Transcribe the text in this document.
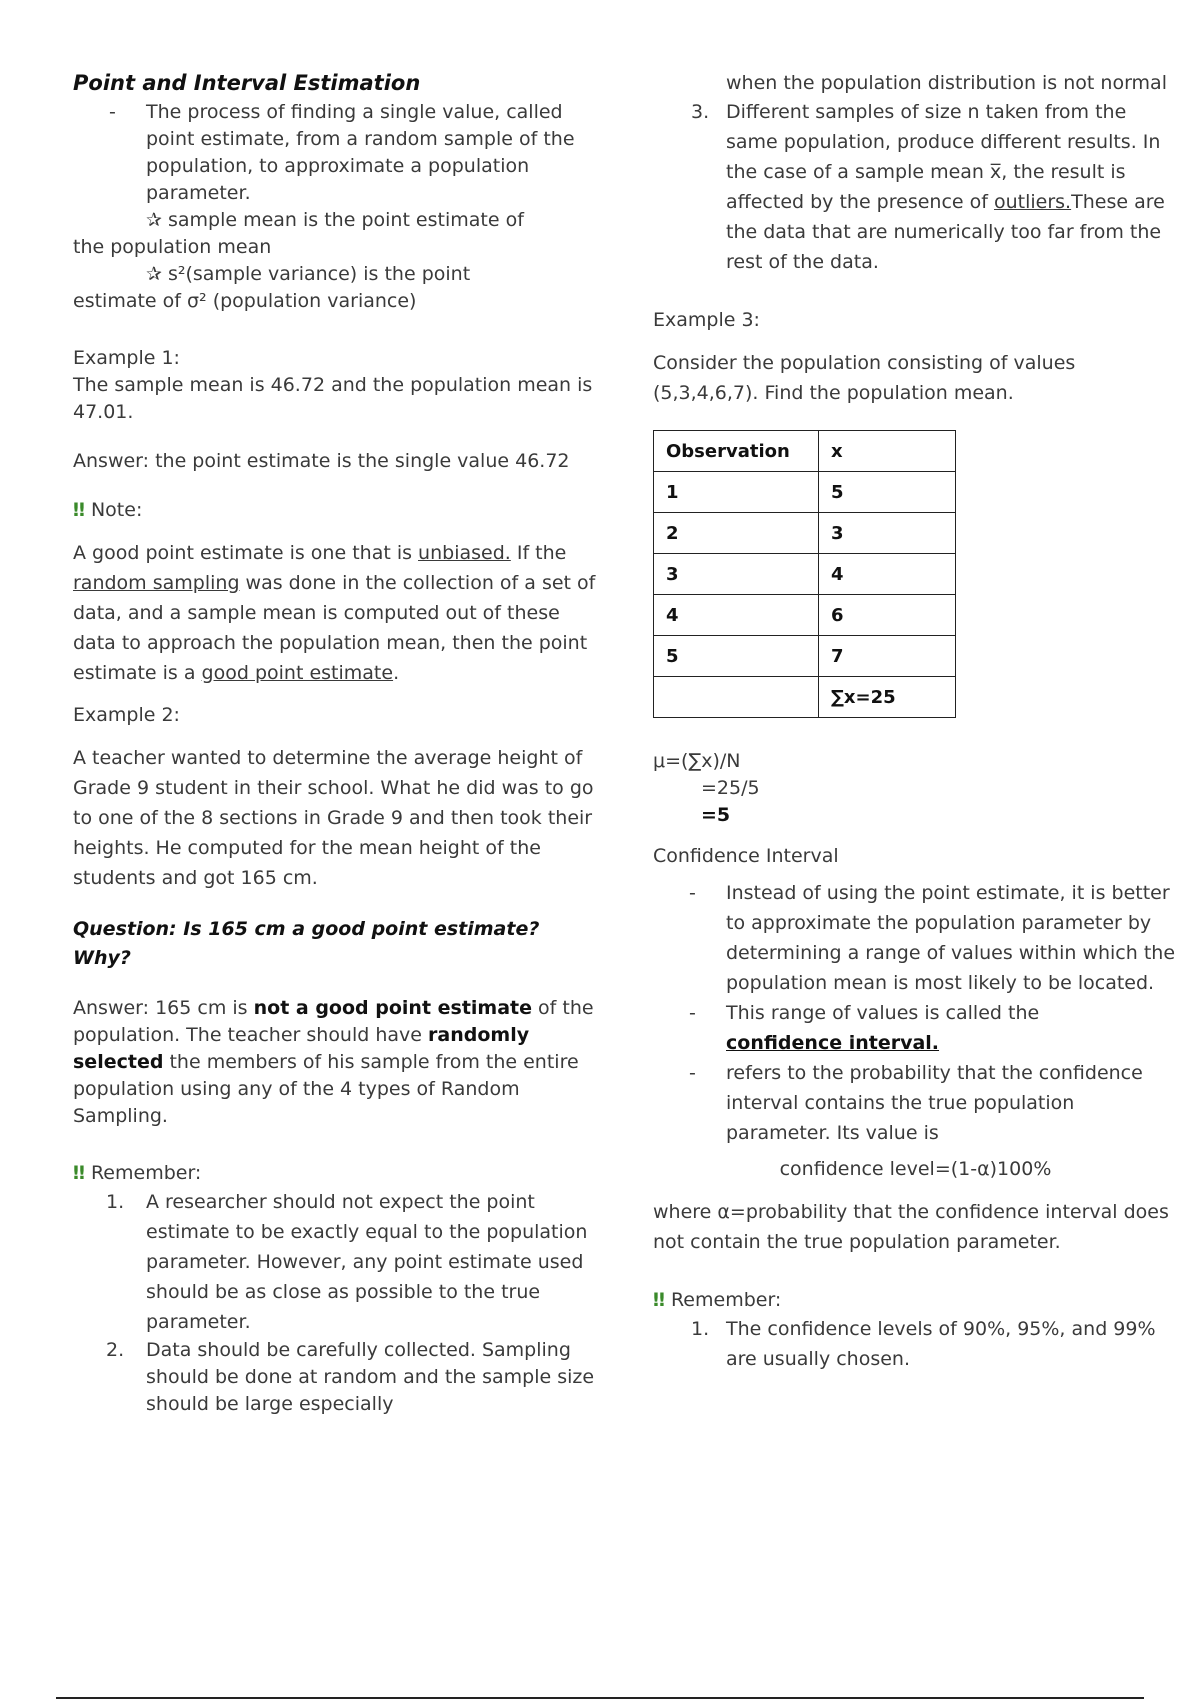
Point and Interval Estimation

- The process of finding a single value, called point estimate, from a random sample of the population, to approximate a population parameter.

✰ sample mean is the point estimate of

the population mean

✰ s²(sample variance) is the point

estimate of σ² (population variance)

Example 1:

The sample mean is 46.72 and the population mean is 47.01.

Answer: the point estimate is the single value 46.72

‼ Note:

A good point estimate is one that is unbiased. If the random sampling was done in the collection of a set of data, and a sample mean is computed out of these data to approach the population mean, then the point estimate is a good point estimate.

Example 2:

A teacher wanted to determine the average height of Grade 9 student in their school. What he did was to go to one of the 8 sections in Grade 9 and then took their heights. He computed for the mean height of the students and got 165 cm.

Question: Is 165 cm a good point estimate? Why?

Answer: 165 cm is not a good point estimate of the population. The teacher should have randomly selected the members of his sample from the entire population using any of the 4 types of Random Sampling.

‼ Remember:

1. A researcher should not expect the point estimate to be exactly equal to the population parameter. However, any point estimate used should be as close as possible to the true parameter.
2. Data should be carefully collected. Sampling should be done at random and the sample size should be large especially

when the population distribution is not normal

3. Different samples of size n taken from the same population, produce different results. In the case of a sample mean x̅, the result is affected by the presence of outliers.These are the data that are numerically too far from the rest of the data.

Example 3:

Consider the population consisting of values (5,3,4,6,7). Find the population mean.

Observation	x
1	5
2	3
3	4
4	6
5	7
	∑x=25
μ=(∑x)/N
=25/5
=5

Confidence Interval

- Instead of using the point estimate, it is better to approximate the population parameter by determining a range of values within which the population mean is most likely to be located.
- This range of values is called the
confidence interval.
- refers to the probability that the confidence interval contains the true population parameter. Its value is

confidence level=(1-α)100%

where α=probability that the confidence interval does not contain the true population parameter.

‼ Remember:

1. The confidence levels of 90%, 95%, and 99% are usually chosen.
